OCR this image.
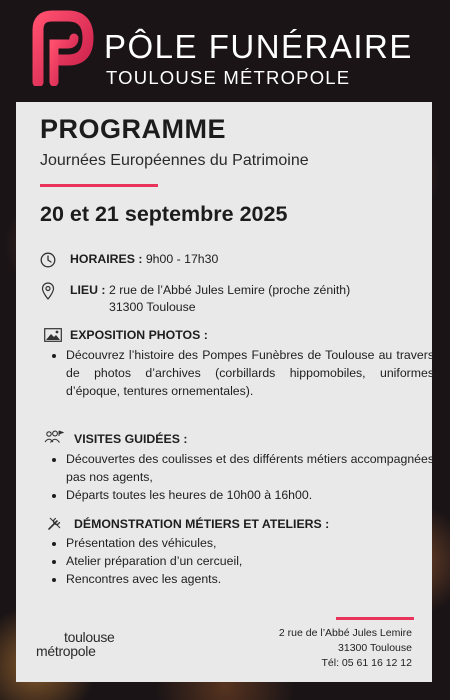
PÔLE FUNÉRAIRE
TOULOUSE MÉTROPOLE
PROGRAMME
Journées Européennes du Patrimoine
20 et 21 septembre 2025
HORAIRES : 9h00 - 17h30
LIEU : 2 rue de l’Abbé Jules Lemire (proche zénith)
31300 Toulouse
EXPOSITION PHOTOS :
• Découvrez l’histoire des Pompes Funèbres de Toulouse au travers de photos d’archives (corbillards hippomobiles, uniformes d’époque, tentures ornementales).
VISITES GUIDÉES :
• Découvertes des coulisses et des différents métiers accompagnées pas nos agents,
• Départs toutes les heures de 10h00 à 16h00.
DÉMONSTRATION MÉTIERS ET ATELIERS :
• Présentation des véhicules,
• Atelier préparation d’un cercueil,
• Rencontres avec les agents.
toulouse
métropole
2 rue de l’Abbé Jules Lemire
31300 Toulouse
Tél: 05 61 16 12 12
